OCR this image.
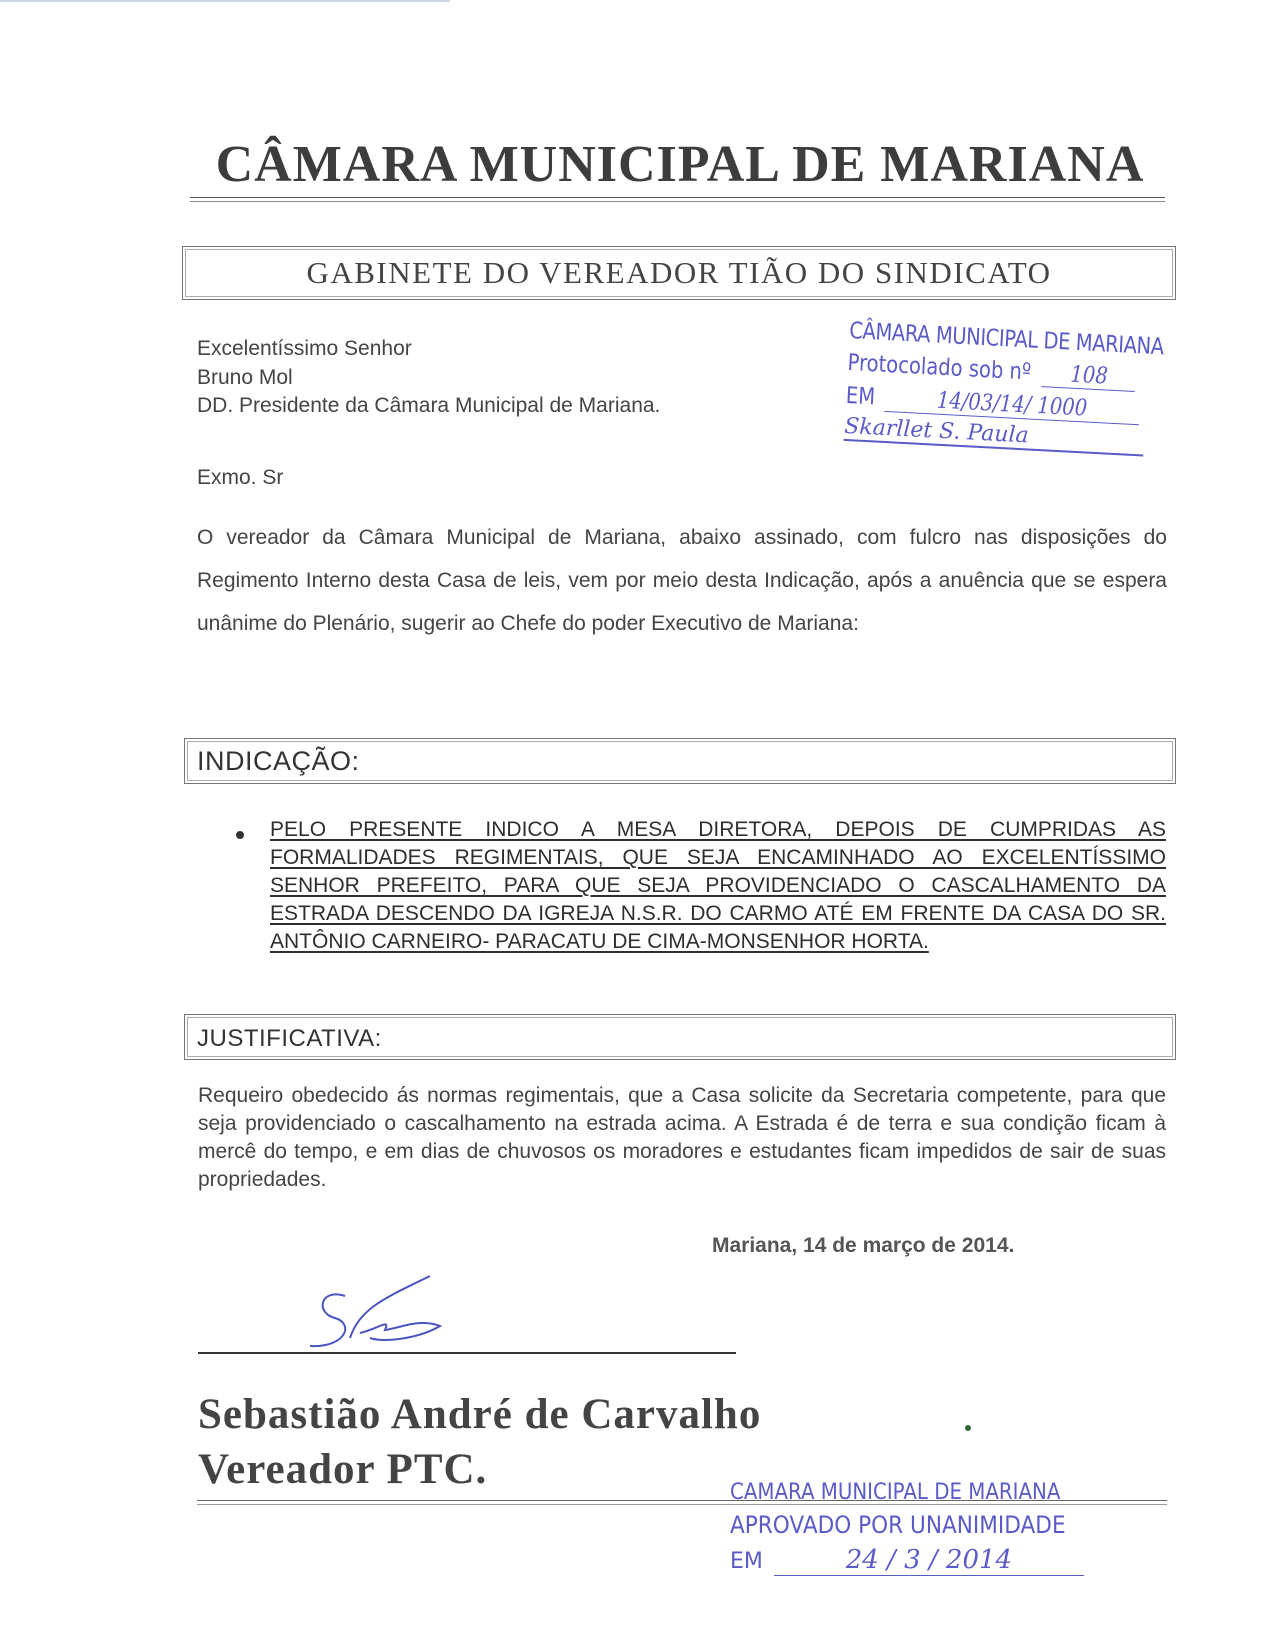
CÂMARA MUNICIPAL DE MARIANA
GABINETE DO VEREADOR TIÃO DO SINDICATO
Excelentíssimo Senhor
Bruno Mol
DD. Presidente da Câmara Municipal de Mariana.
CÂMARA MUNICIPAL DE MARIANA
Protocolado sob nº 108
EM	14/03/14/ 1000
Skarllet S. Paula
Exmo. Sr

O vereador da Câmara Municipal de Mariana, abaixo assinado, com fulcro nas disposições do Regimento Interno desta Casa de leis, vem por meio desta Indicação, após a anuência que se espera unânime do Plenário, sugerir ao Chefe do poder Executivo de Mariana:

INDICAÇÃO:
PELO PRESENTE INDICO A MESA DIRETORA, DEPOIS DE CUMPRIDAS AS FORMALIDADES REGIMENTAIS, QUE SEJA ENCAMINHADO AO EXCELENTÍSSIMO SENHOR PREFEITO, PARA QUE SEJA PROVIDENCIADO O CASCALHAMENTO DA ESTRADA DESCENDO DA IGREJA N.S.R. DO CARMO ATÉ EM FRENTE DA CASA DO SR. ANTÔNIO CARNEIRO- PARACATU DE CIMA-MONSENHOR HORTA.
JUSTIFICATIVA:
Requeiro obedecido ás normas regimentais, que a Casa solicite da Secretaria competente, para que seja providenciado o cascalhamento na estrada acima. A Estrada é de terra e sua condição ficam à mercê do tempo, e em dias de chuvosos os moradores e estudantes ficam impedidos de sair de suas propriedades.
Mariana, 14 de março de 2014.
Sebastião André de Carvalho
Vereador PTC.	CAMARA MUNICIPAL DE MARIANA
APROVADO POR UNANIMIDADE
EM	24 / 3 / 2014
